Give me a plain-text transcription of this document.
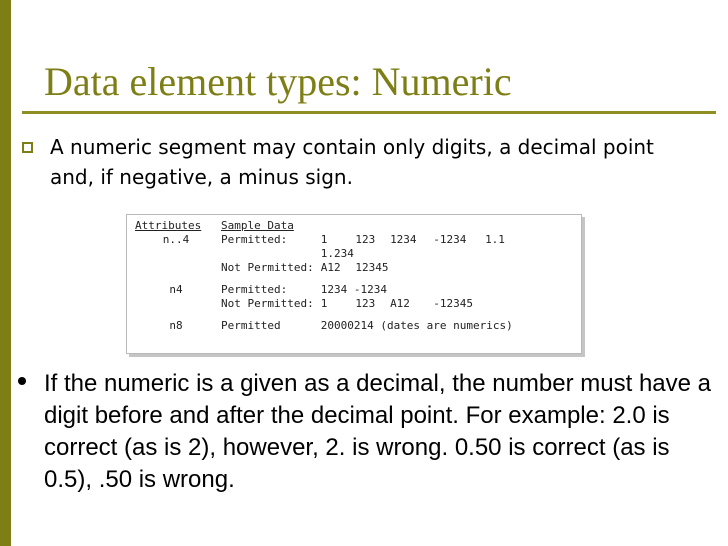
Data element types: Numeric
A numeric segment may contain only digits, a decimal point and, if negative, a minus sign.
Attributes	Sample Data					
n..4	Permitted:	1	123	1234	-1234	1.1
		1.234				
	Not Permitted:	A12	12345			

n4	Permitted:	1234 -1234				
	Not Permitted:	1	123	A12	-12345	

n8	Permitted	20000214 (dates are numerics)				
If the numeric is a given as a decimal, the number must have a digit before and after the decimal point. For example: 2.0 is correct (as is 2), however, 2. is wrong. 0.50 is correct (as is 0.5), .50 is wrong.
